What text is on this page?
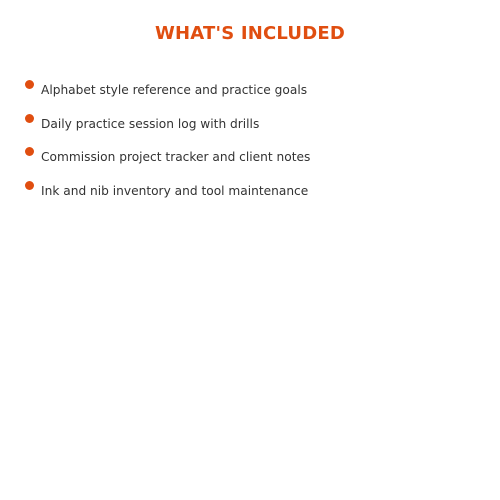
WHAT'S INCLUDED
Alphabet style reference and practice goals
Daily practice session log with drills
Commission project tracker and client notes
Ink and nib inventory and tool maintenance
